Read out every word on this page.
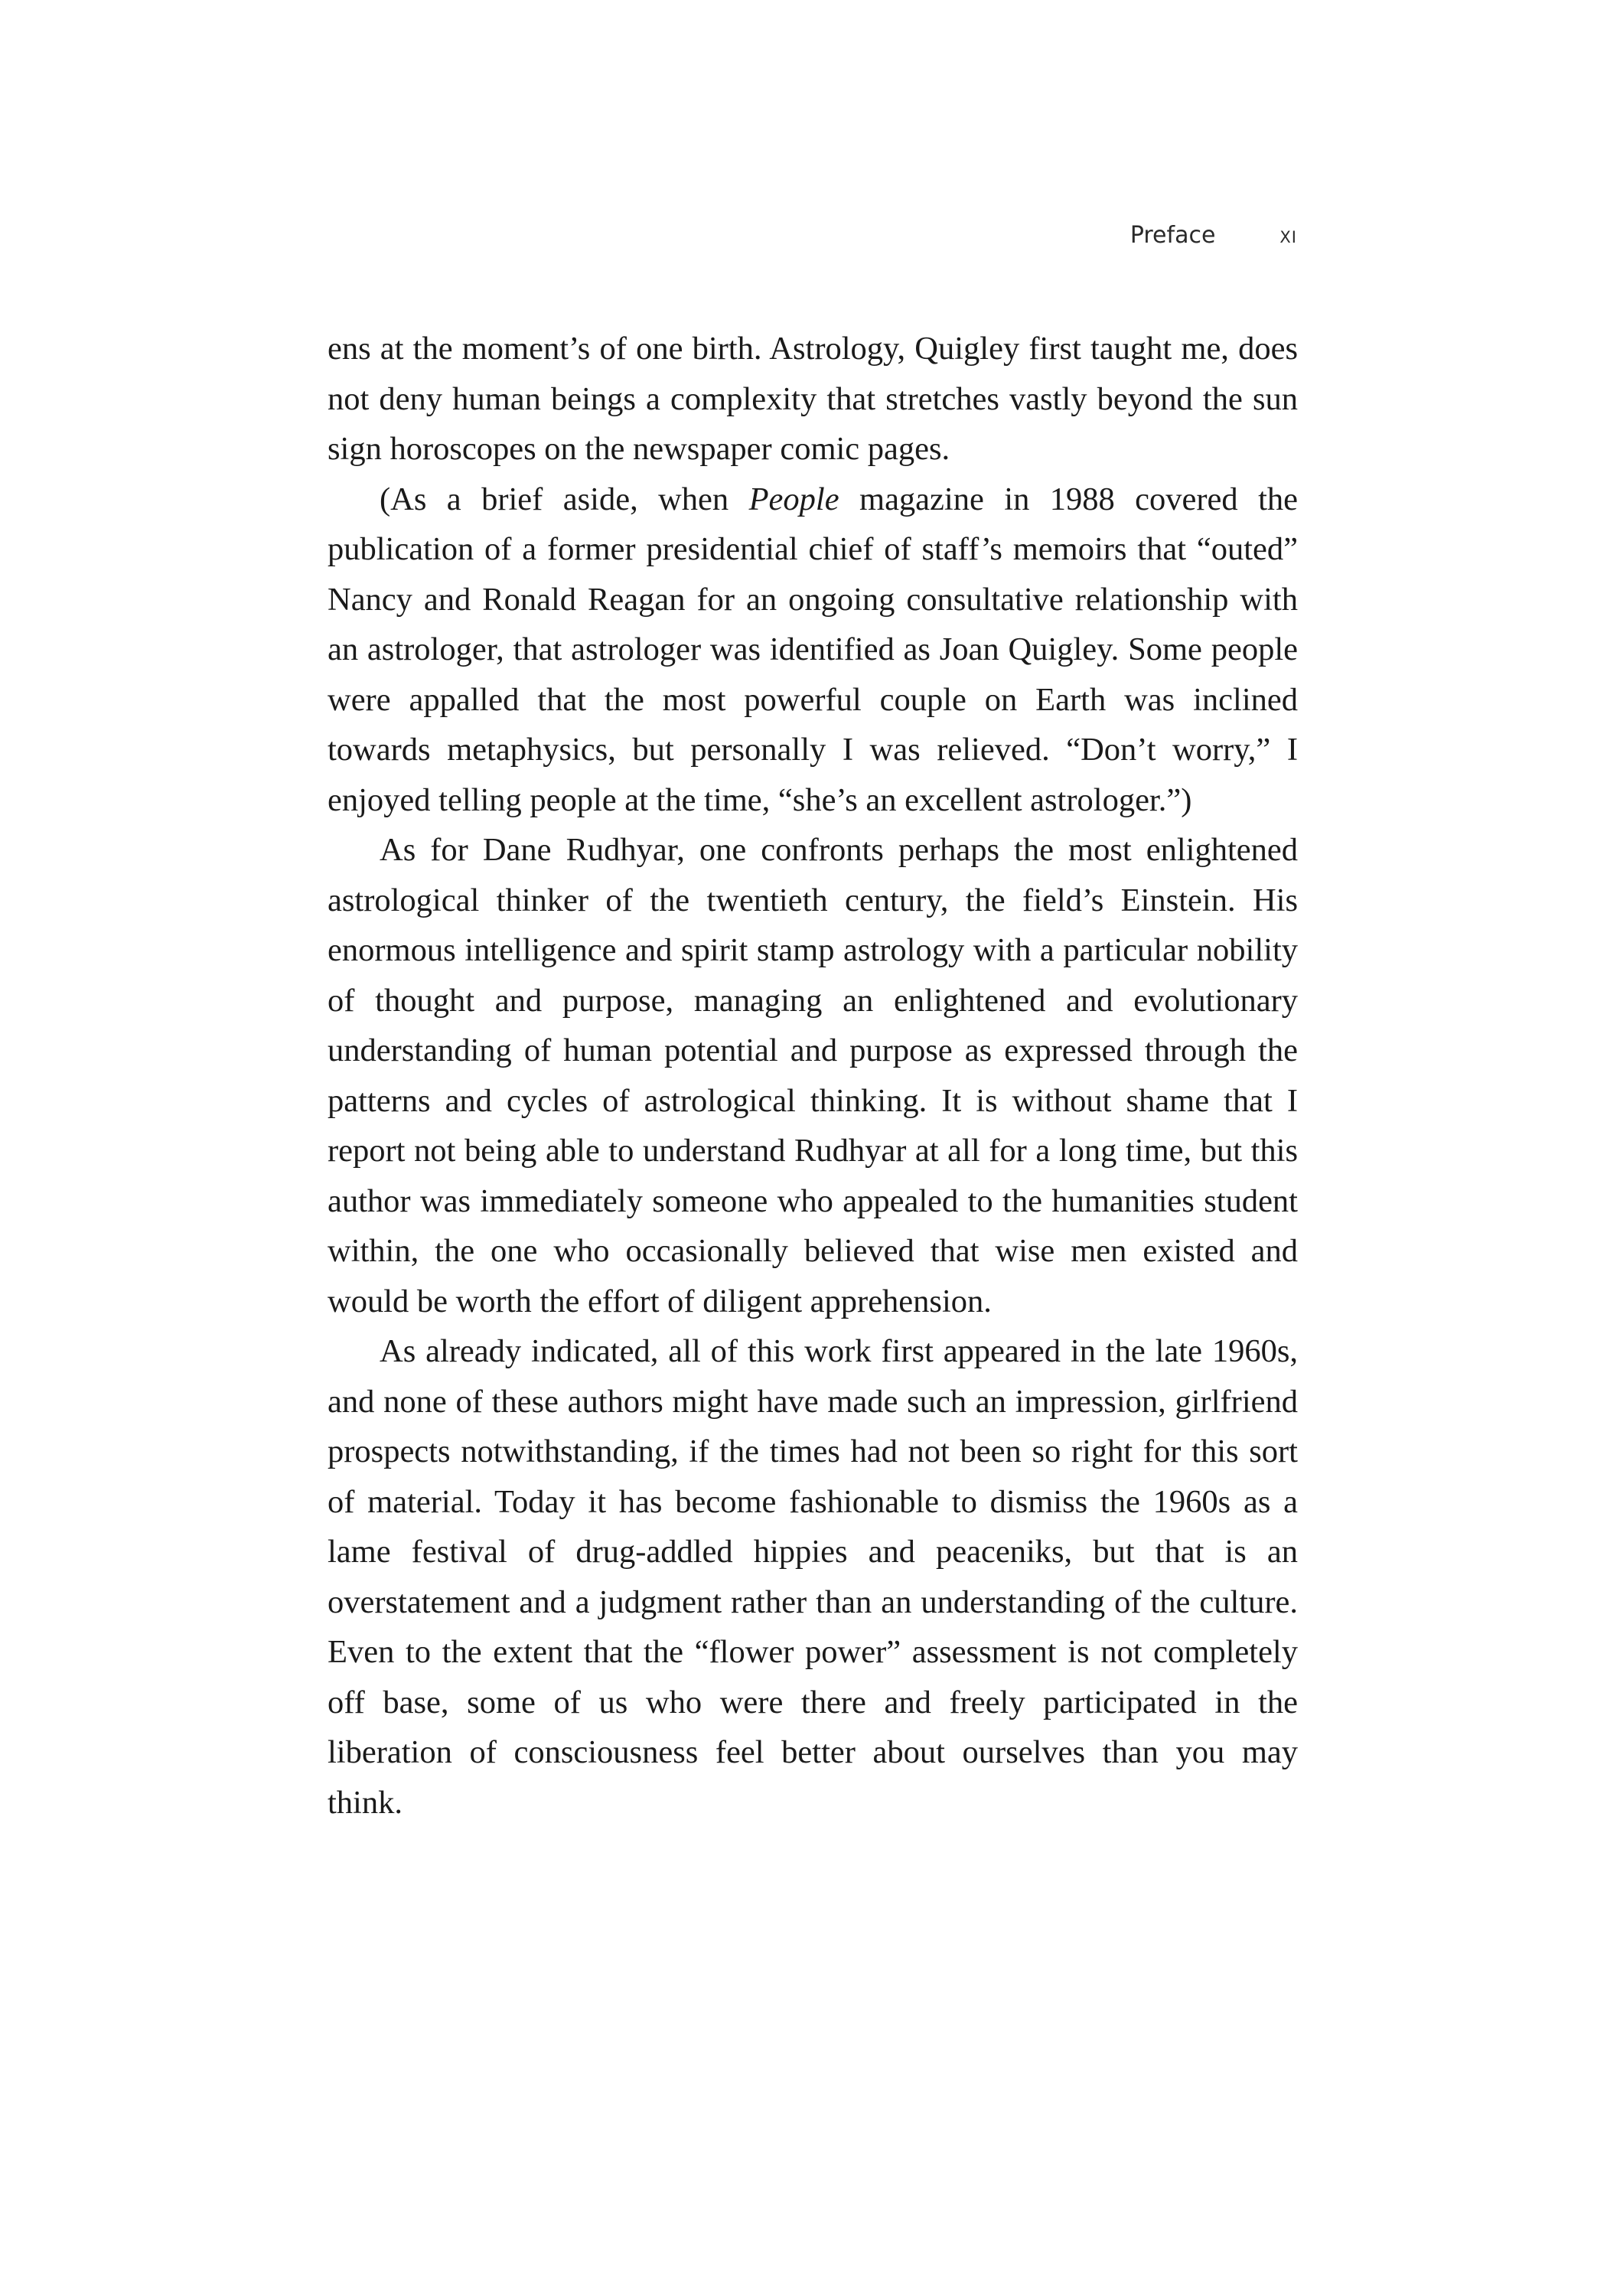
Preface	xi

ens at the moment’s of one birth. Astrology, Quigley first taught me, does not deny human beings a complexity that stretches vastly beyond the sun sign horoscopes on the newspaper comic pages.

(As a brief aside, when People magazine in 1988 covered the publication of a former presidential chief of staff’s memoirs that “outed” Nancy and Ronald Reagan for an ongoing consultative relationship with an astrologer, that astrologer was identified as Joan Quigley. Some people were appalled that the most powerful couple on Earth was inclined towards metaphysics, but personally I was relieved. “Don’t worry,” I enjoyed telling people at the time, “she’s an excellent astrologer.”)

As for Dane Rudhyar, one confronts perhaps the most enlightened astrological thinker of the twentieth century, the field’s Einstein. His enormous intelligence and spirit stamp astrology with a particular nobility of thought and purpose, managing an enlightened and evolutionary understanding of human potential and purpose as expressed through the patterns and cycles of astrological thinking. It is without shame that I report not being able to understand Rudhyar at all for a long time, but this author was immediately someone who appealed to the humanities student within, the one who occasionally believed that wise men existed and would be worth the effort of diligent apprehension.

As already indicated, all of this work first appeared in the late 1960s, and none of these authors might have made such an impression, girlfriend prospects notwithstanding, if the times had not been so right for this sort of material. Today it has become fashionable to dismiss the 1960s as a lame festival of drug-addled hippies and peaceniks, but that is an overstatement and a judgment rather than an understanding of the culture. Even to the extent that the “flower power” assessment is not completely off base, some of us who were there and freely participated in the liberation of consciousness feel better about ourselves than you may think.
